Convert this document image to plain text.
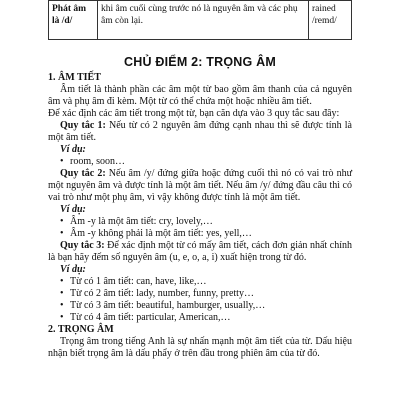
Phát âm là /d/	khi âm cuối cùng trước nó là nguyên âm và các phụ âm còn lại.	rained /remd/
CHỦ ĐIỂM 2: TRỌNG ÂM

1. ÂM TIẾT

Âm tiết là thành phần các âm một từ bao gồm âm thanh của cả nguyên âm và phụ âm đi kèm. Một từ có thể chứa một hoặc nhiều âm tiết.

Để xác định các âm tiết trong một từ, bạn căn dựa vào 3 quy tắc sau đây:

Quy tắc 1: Nếu từ có 2 nguyên âm đứng cạnh nhau thì sẽ được tính là một âm tiết.

Ví dụ:

• room, soon…

Quy tắc 2: Nếu âm /y/ đứng giữa hoặc đứng cuối thì nó có vai trò như một nguyên âm và được tính là một âm tiết. Nếu âm /y/ đứng đầu câu thì có vai trò như một phụ âm, vì vậy không được tính là một âm tiết.

Ví dụ:

• Âm -y là một âm tiết: cry, lovely,…
• Âm -y không phải là một âm tiết: yes, yell,…

Quy tắc 3: Để xác định một từ có mấy âm tiết, cách đơn giản nhất chính là bạn hãy đếm số nguyên âm (u, e, o, a, i) xuất hiện trong từ đó.

Ví dụ:

• Từ có 1 âm tiết: can, have, like,…
• Từ có 2 âm tiết: lady, number, funny, pretty…
• Từ có 3 âm tiết: beautiful, hamburger, usually,…
• Từ có 4 âm tiết: particular, American,…

2. TRỌNG ÂM

Trọng âm trong tiếng Anh là sự nhấn mạnh một âm tiết của từ. Dấu hiệu nhận biết trọng âm là dấu phẩy ở trên đầu trong phiên âm của từ đó.
